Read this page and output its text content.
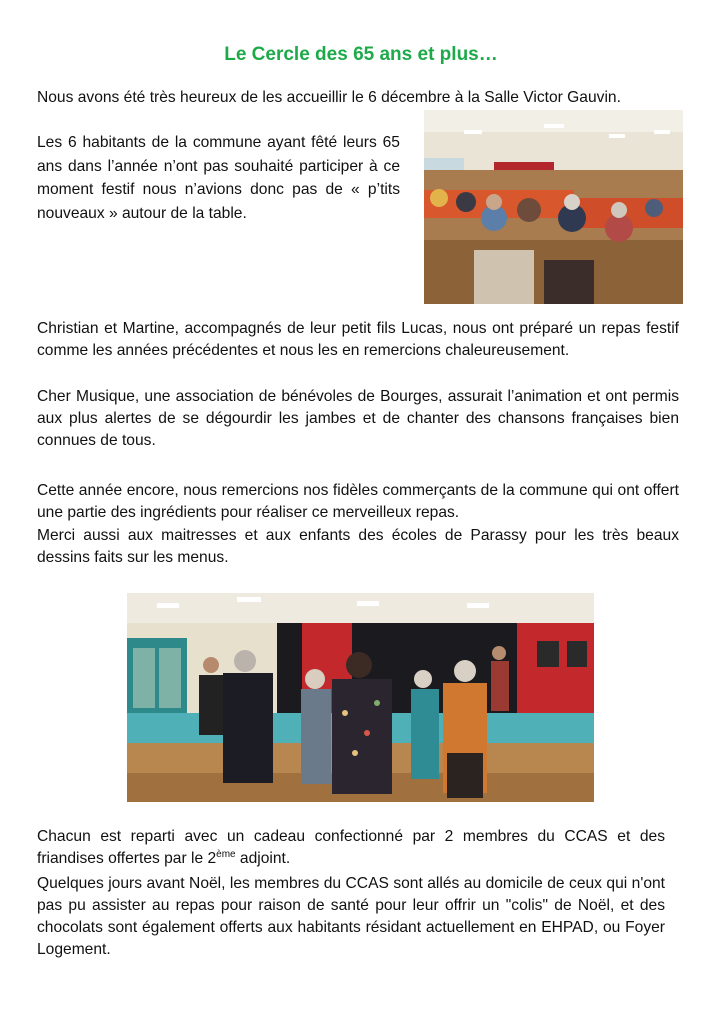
Le Cercle des 65 ans et plus…

Nous avons été très heureux de les accueillir le 6 décembre à la Salle Victor Gauvin.

Les 6 habitants de la commune ayant fêté leurs 65 ans dans l’année n’ont pas souhaité participer à ce moment festif nous n’avions donc pas de « p’tits nouveaux » autour de la table.

Christian et Martine, accompagnés de leur petit fils Lucas, nous ont préparé un repas festif comme les années précédentes et nous les en remercions chaleureusement.

Cher Musique, une association de bénévoles de Bourges, assurait l’animation et ont permis aux plus alertes de se dégourdir les jambes et de chanter des chansons françaises bien connues de tous.

Cette année encore, nous remercions nos fidèles commerçants de la commune qui ont offert une partie des ingrédients pour réaliser ce merveilleux repas.

Merci aussi aux maitresses et aux enfants des écoles de Parassy pour les très beaux dessins faits sur les menus.

Chacun est reparti avec un cadeau confectionné par 2 membres du CCAS et des friandises offertes par le 2ème adjoint.

Quelques jours avant Noël, les membres du CCAS sont allés au domicile de ceux qui n'ont pas pu assister au repas pour raison de santé pour leur offrir un "colis" de Noël, et des chocolats sont également offerts aux habitants résidant actuellement en EHPAD, ou Foyer Logement.
